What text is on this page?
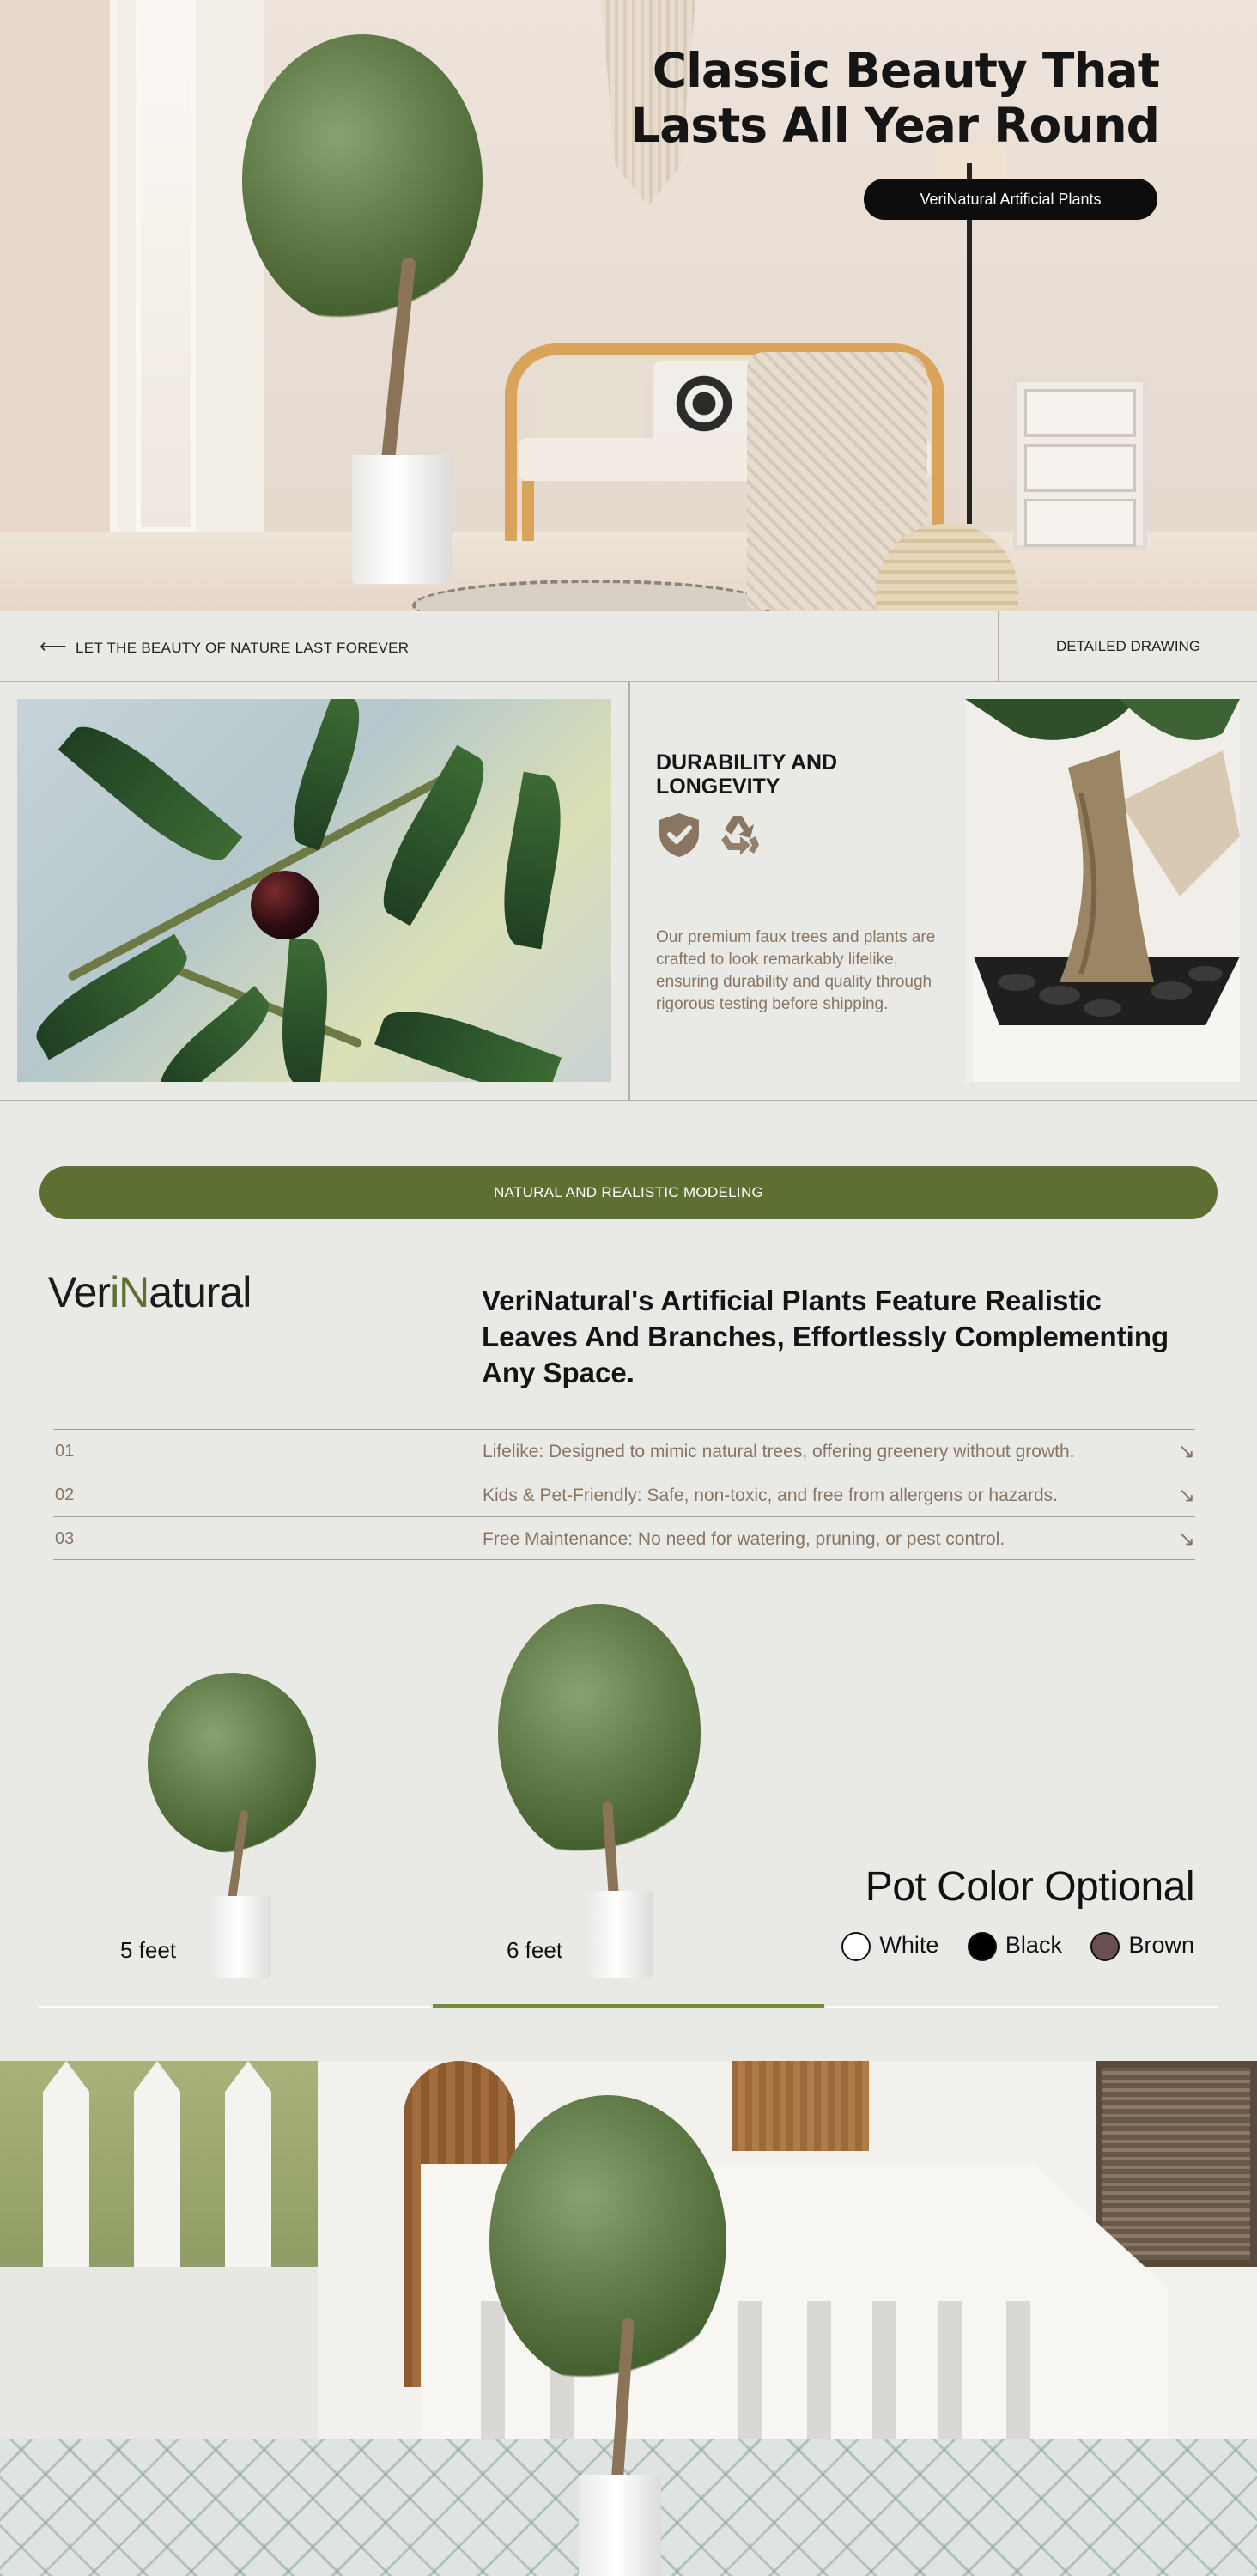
Classic Beauty That
Lasts All Year Round
VeriNatural Artificial Plants
⟵ LET THE BEAUTY OF NATURE LAST FOREVER	DETAILED DRAWING
DURABILITY AND LONGEVITY

Our premium faux trees and plants are crafted to look remarkably lifelike, ensuring durability and quality through rigorous testing before shipping.

NATURAL AND REALISTIC MODELING
VeriNatural	VeriNatural's Artificial Plants Feature Realistic Leaves And Branches, Effortlessly Complementing Any Space.
01	Lifelike: Designed to mimic natural trees, offering greenery without growth.	↘
02	Kids & Pet-Friendly: Safe, non-toxic, and free from allergens or hazards.	↘
03	Free Maintenance: No need for watering, pruning, or pest control.	↘
5 feet	6 feet
Pot Color Optional
White	Black	Brown
